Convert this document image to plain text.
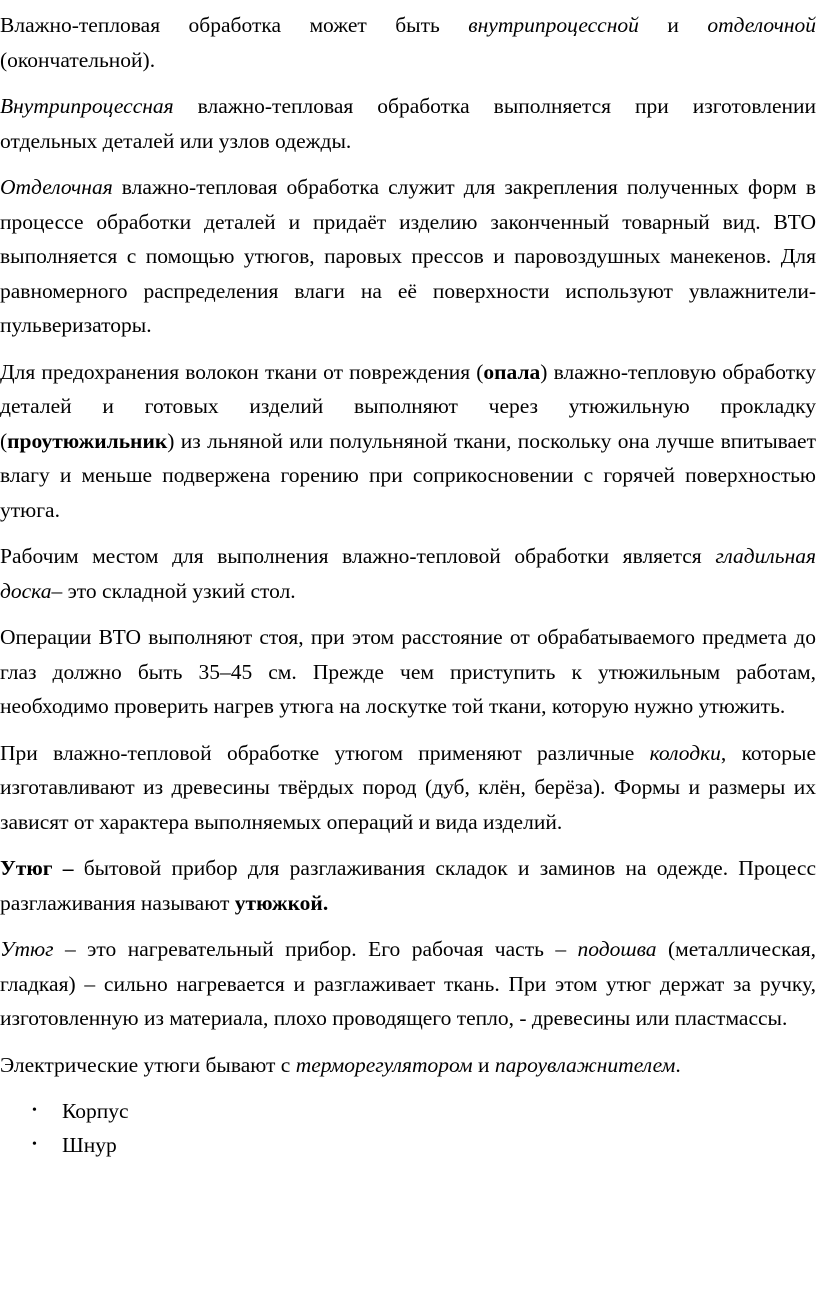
Влажно-тепловая обработка может быть внутрипроцессной и отделочной (окончательной).

Внутрипроцессная влажно-тепловая обработка выполняется при изготовлении отдельных деталей или узлов одежды.

Отделочная влажно-тепловая обработка служит для закрепления полученных форм в процессе обработки деталей и придаёт изделию законченный товарный вид. ВТО выполняется с помощью утюгов, паровых прессов и паровоздушных манекенов. Для равномерного распределения влаги на её поверхности используют увлажнители-пульверизаторы.

Для предохранения волокон ткани от повреждения (опала) влажно-тепловую обработку деталей и готовых изделий выполняют через утюжильную прокладку (проутюжильник) из льняной или полульняной ткани, поскольку она лучше впитывает влагу и меньше подвержена горению при соприкосновении с горячей поверхностью утюга.

Рабочим местом для выполнения влажно-тепловой обработки является гладильная доска– это складной узкий стол.

Операции ВТО выполняют стоя, при этом расстояние от обрабатываемого предмета до глаз должно быть 35–45 см. Прежде чем приступить к утюжильным работам, необходимо проверить нагрев утюга на лоскутке той ткани, которую нужно утюжить.

При влажно-тепловой обработке утюгом применяют различные колодки, которые изготавливают из древесины твёрдых пород (дуб, клён, берёза). Формы и размеры их зависят от характера выполняемых операций и вида изделий.

Утюг – бытовой прибор для разглаживания складок и заминов на одежде. Процесс разглаживания называют утюжкой.

Утюг – это нагревательный прибор. Его рабочая часть – подошва (металлическая, гладкая) – сильно нагревается и разглаживает ткань. При этом утюг держат за ручку, изготовленную из материала, плохо проводящего тепло, - древесины или пластмассы.

Электрические утюги бывают с терморегулятором и пароувлажнителем.

• Корпус
• Шнур
